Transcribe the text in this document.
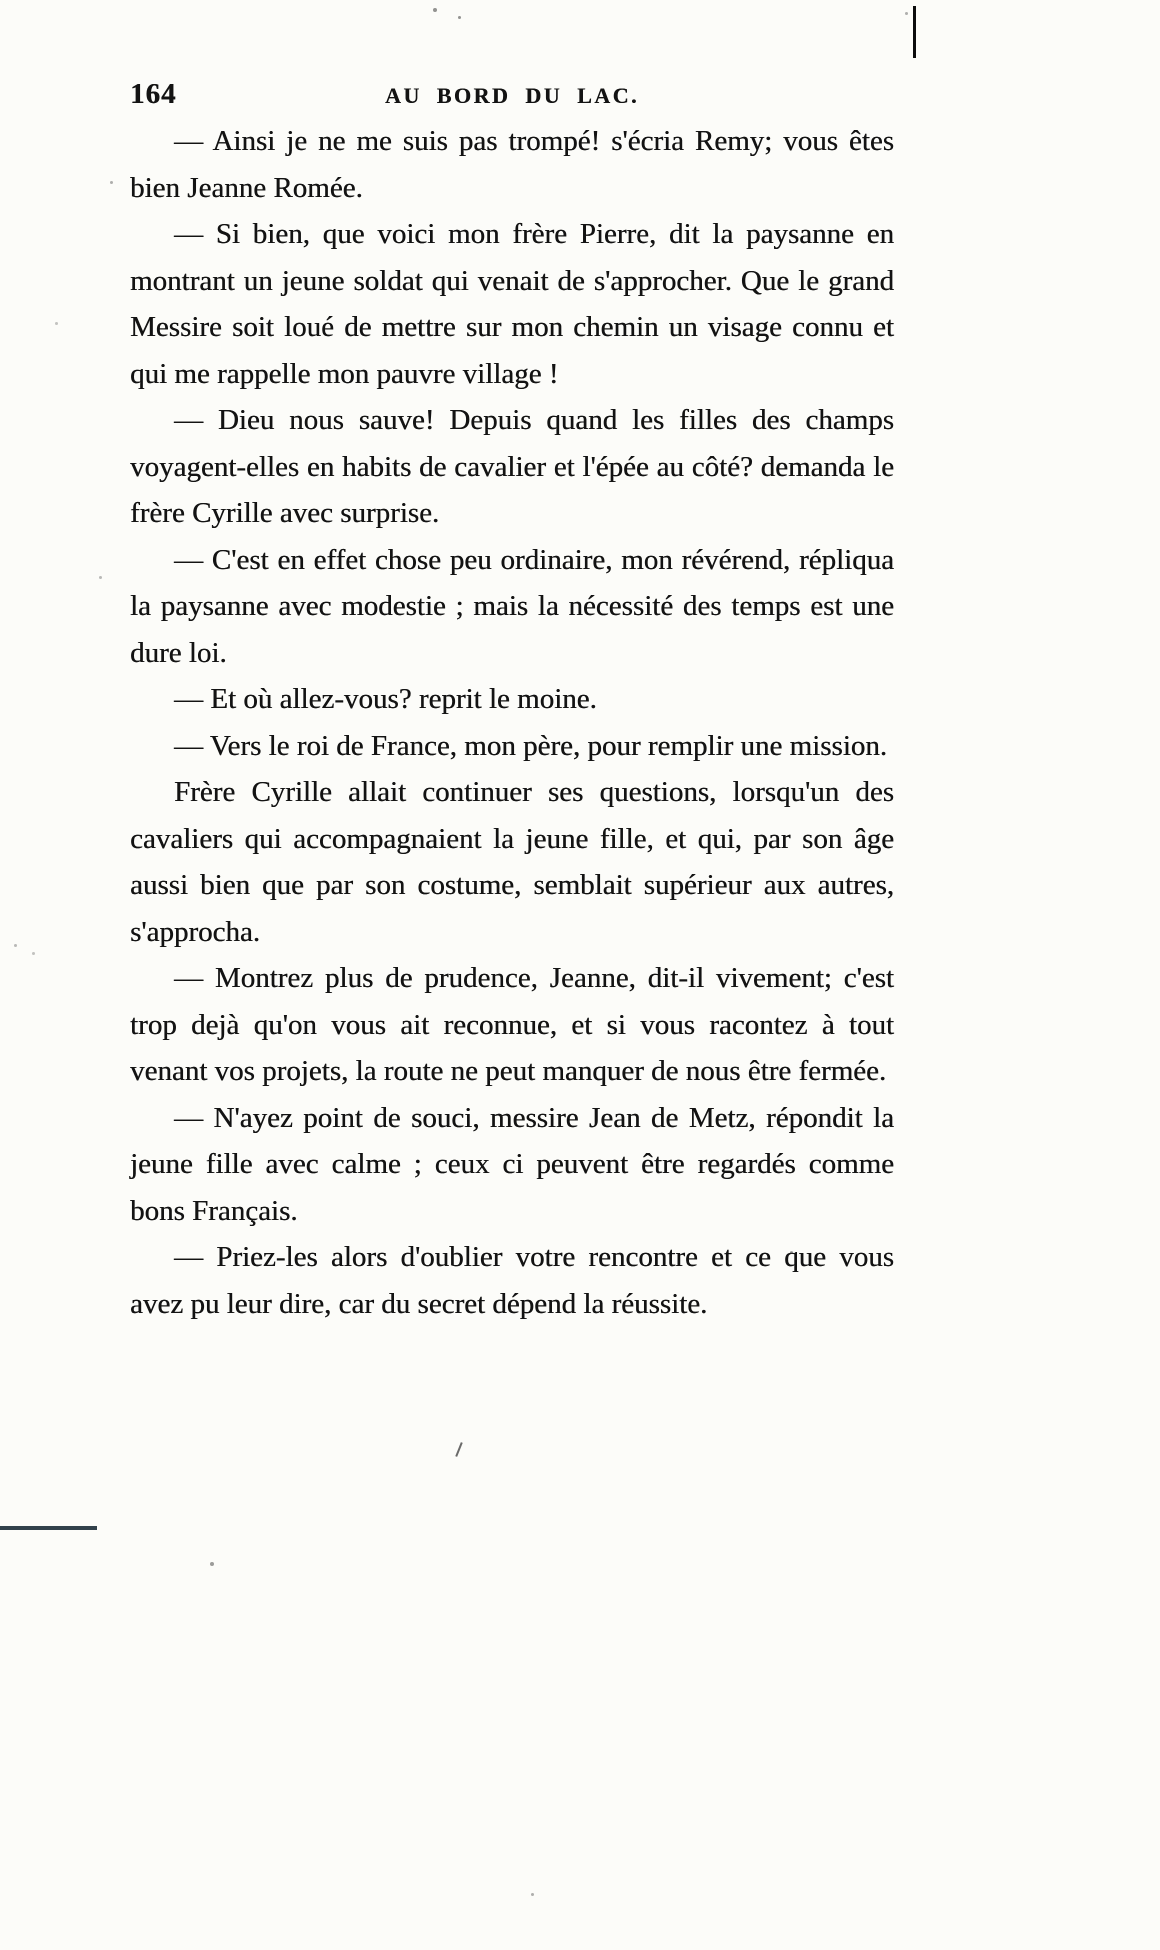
164	AU BORD DU LAC.

— Ainsi je ne me suis pas trompé! s'écria Remy; vous êtes bien Jeanne Romée.

— Si bien, que voici mon frère Pierre, dit la paysanne en montrant un jeune soldat qui venait de s'approcher. Que le grand Messire soit loué de mettre sur mon chemin un visage connu et qui me rappelle mon pauvre village !

— Dieu nous sauve! Depuis quand les filles des champs voyagent-elles en habits de cavalier et l'épée au côté? demanda le frère Cyrille avec surprise.

— C'est en effet chose peu ordinaire, mon révérend, répliqua la paysanne avec modestie ; mais la nécessité des temps est une dure loi.

— Et où allez-vous? reprit le moine.

— Vers le roi de France, mon père, pour remplir une mission.

Frère Cyrille allait continuer ses questions, lorsqu'un des cavaliers qui accompagnaient la jeune fille, et qui, par son âge aussi bien que par son costume, semblait supérieur aux autres, s'approcha.

— Montrez plus de prudence, Jeanne, dit-il vivement; c'est trop dejà qu'on vous ait reconnue, et si vous racontez à tout venant vos projets, la route ne peut manquer de nous être fermée.

— N'ayez point de souci, messire Jean de Metz, répondit la jeune fille avec calme ; ceux ci peuvent être regardés comme bons Français.

— Priez-les alors d'oublier votre rencontre et ce que vous avez pu leur dire, car du secret dépend la réussite.
